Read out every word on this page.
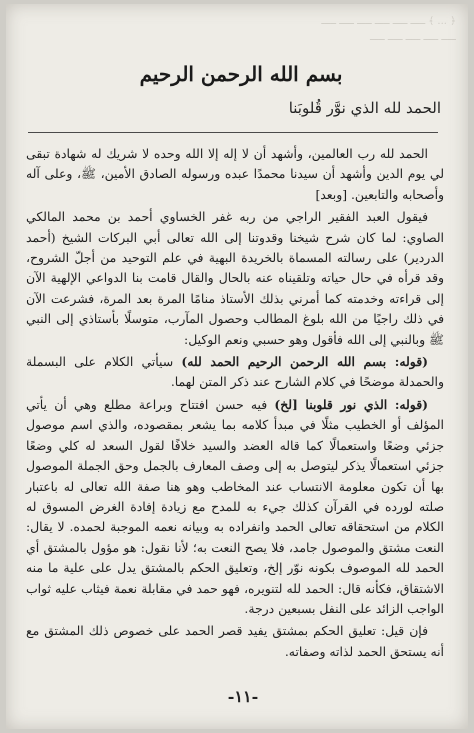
﴿ ... ﴾ ـــــ ـــــ ـــــ ـــــ ـــــ ـــــ
ـــــ ـــــ ـــــ ـــــ ـــــ
بسم الله الرحمن الرحيم
الحمد لله الذي نوَّر قُلوبَنا

الحمد لله رب العالمين، وأشهد أن لا إله إلا الله وحده لا شريك له شهادة تبقى لي يوم الدين وأشهد أن سيدنا محمدًا عبده ورسوله الصادق الأمين، ﷺ، وعلى آله وأصحابه والتابعين. [وبعد]

فيقول العبد الفقير الراجي من ربه غفر الخساوي أحمد بن محمد المالكي الصاوي: لما كان شرح شيخنا وقدوتنا إلى الله تعالى أبي البركات الشيخ (أحمد الدردير) على رسالته المسماة بالخريدة البهية في علم التوحيد من أجلّ الشروح، وقد قرأه في حال حياته وتلقيناه عنه بالحال والقال قامت بنا الدواعي الإلهية الآن إلى قراءته وخدمته كما أمرني بذلك الأستاذ منامًا المرة بعد المرة، فشرعت الآن في ذلك راجيًا من الله بلوغ المطالب وحصول المآرب، متوسلًا بأستاذي إلى النبي ﷺ وبالنبي إلى الله فأقول وهو حسبي ونعم الوكيل:

(قوله: بسم الله الرحمن الرحيم الحمد لله) سيأتي الكلام على البسملة والحمدلة موضحًا في كلام الشارح عند ذكر المتن لهما.

(قوله: الذي نور قلوبنا [لخ) فيه حسن افتتاح وبراعة مطلع وهي أن يأتي المؤلف أو الخطيب مثلًا في مبدأ كلامه بما يشعر بمقصوده، والذي اسم موصول جزئي وضعًا واستعمالًا كما قاله العضد والسيد خلافًا لقول السعد له كلي وضعًا جزئي استعمالًا يذكر ليتوصل به إلى وصف المعارف بالجمل وحق الجملة الموصول بها أن تكون معلومة الانتساب عند المخاطب وهو هنا صفة الله تعالى له باعتبار صلته لورده في القرآن كذلك جيء به للمدح مع زيادة إفادة الغرض المسوق له الكلام من استحقاقه تعالى الحمد وانفراده به وبيانه نعمه الموجبة لحمده. لا يقال: النعت مشتق والموصول جامد، فلا يصح النعت به؛ لأنا نقول: هو مؤول بالمشتق أي الحمد لله الموصوف بكونه نوّر إلخ، وتعليق الحكم بالمشتق يدل على علية ما منه الاشتقاق، فكأنه قال: الحمد لله لتنويره، فهو حمد في مقابلة نعمة فيثاب عليه ثواب الواجب الزائد على النفل بسبعين درجة.

فإن قيل: تعليق الحكم بمشتق يفيد قصر الحمد على خصوص ذلك المشتق مع أنه يستحق الحمد لذاته وصفاته.

-١١-
